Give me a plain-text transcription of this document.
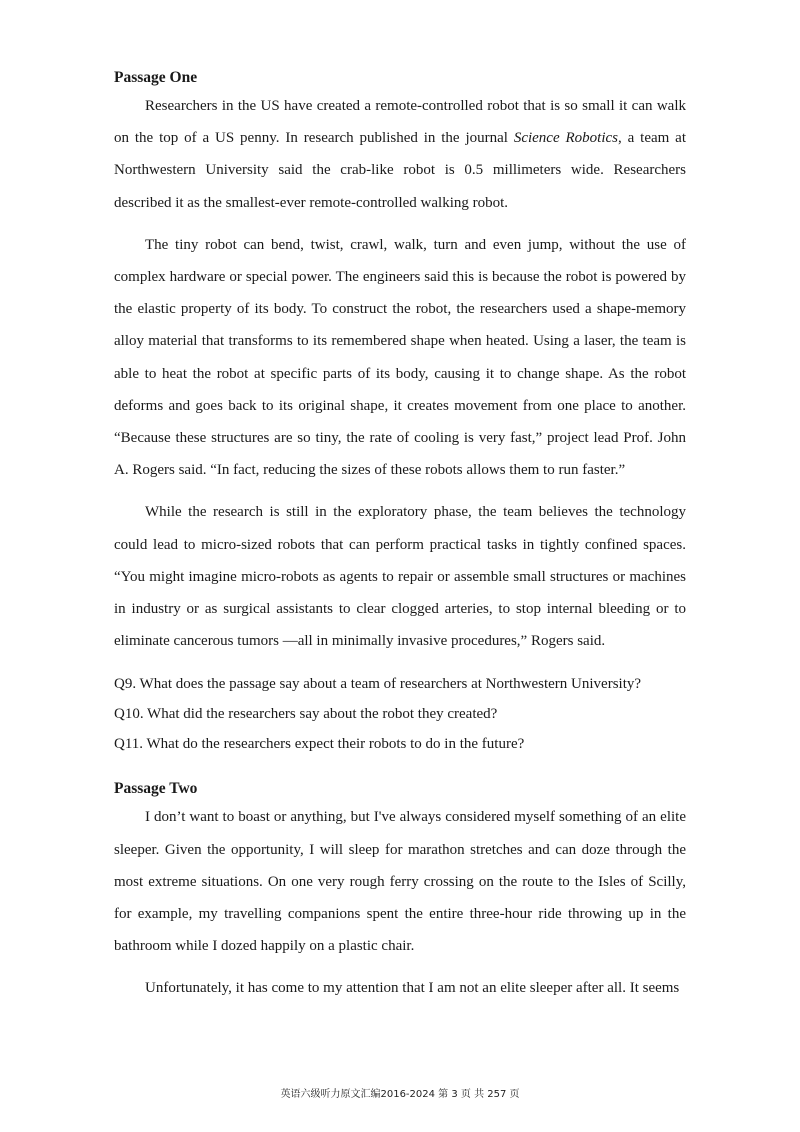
Passage One

Researchers in the US have created a remote-controlled robot that is so small it can walk on the top of a US penny. In research published in the journal Science Robotics, a team at Northwestern University said the crab-like robot is 0.5 millimeters wide. Researchers described it as the smallest-ever remote-controlled walking robot.

The tiny robot can bend, twist, crawl, walk, turn and even jump, without the use of complex hardware or special power. The engineers said this is because the robot is powered by the elastic property of its body. To construct the robot, the researchers used a shape-memory alloy material that transforms to its remembered shape when heated. Using a laser, the team is able to heat the robot at specific parts of its body, causing it to change shape. As the robot deforms and goes back to its original shape, it creates movement from one place to another. “Because these structures are so tiny, the rate of cooling is very fast,” project lead Prof. John A. Rogers said. “In fact, reducing the sizes of these robots allows them to run faster.”

While the research is still in the exploratory phase, the team believes the technology could lead to micro-sized robots that can perform practical tasks in tightly confined spaces. “You might imagine micro-robots as agents to repair or assemble small structures or machines in industry or as surgical assistants to clear clogged arteries, to stop internal bleeding or to eliminate cancerous tumors —all in minimally invasive procedures,” Rogers said.

Q9. What does the passage say about a team of researchers at Northwestern University?

Q10. What did the researchers say about the robot they created?

Q11. What do the researchers expect their robots to do in the future?

Passage Two

I don’t want to boast or anything, but I've always considered myself something of an elite sleeper. Given the opportunity, I will sleep for marathon stretches and can doze through the most extreme situations. On one very rough ferry crossing on the route to the Isles of Scilly, for example, my travelling companions spent the entire three-hour ride throwing up in the bathroom while I dozed happily on a plastic chair.

Unfortunately, it has come to my attention that I am not an elite sleeper after all. It seems

英语六级听力原文汇编2016-2024 第 3 页 共 257 页
